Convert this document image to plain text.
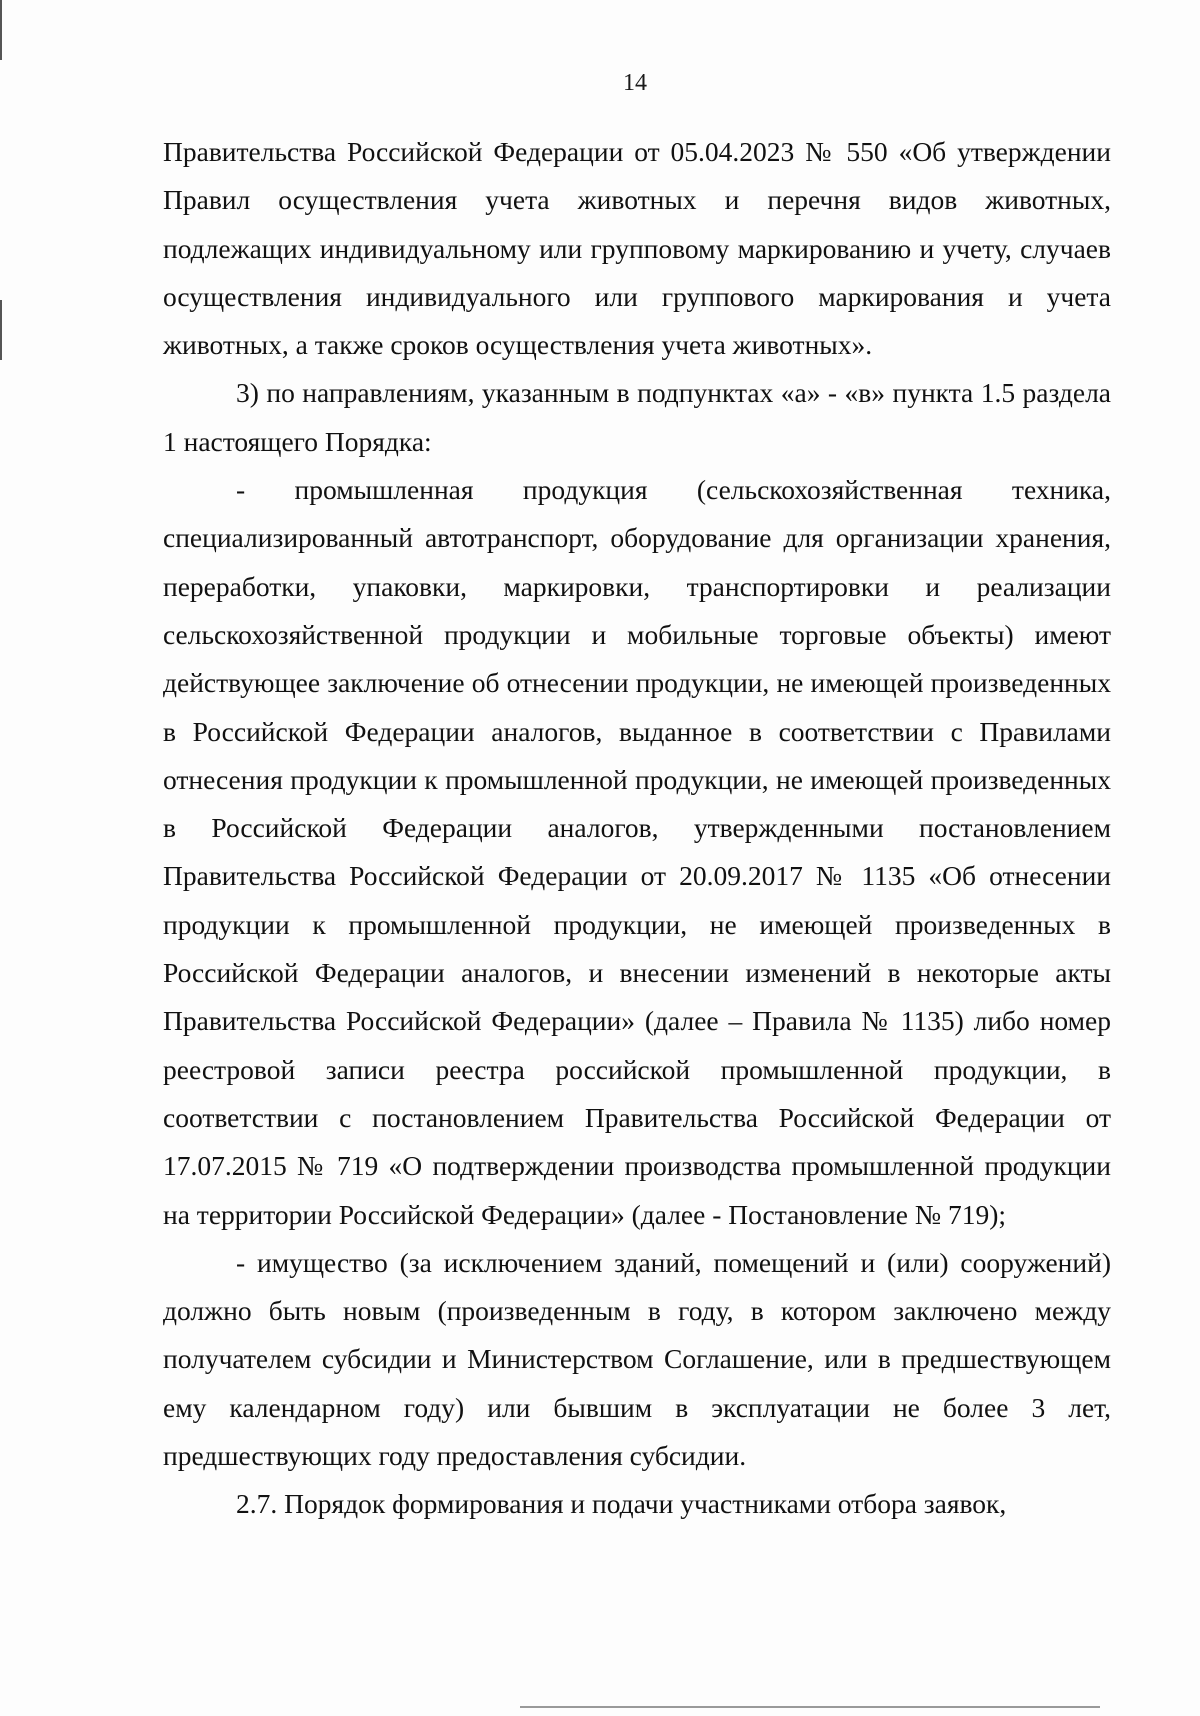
14

Правительства Российской Федерации от 05.04.2023 № 550 «Об утверждении Правил осуществления учета животных и перечня видов животных, подлежащих индивидуальному или групповому маркированию и учету, случаев осуществления индивидуального или группового маркирования и учета животных, а также сроков осуществления учета животных».

3) по направлениям, указанным в подпунктах «а» - «в» пункта 1.5 раздела 1 настоящего Порядка:

- промышленная продукция (сельскохозяйственная техника, специализированный автотранспорт, оборудование для организации хранения, переработки, упаковки, маркировки, транспортировки и реализации сельскохозяйственной продукции и мобильные торговые объекты) имеют действующее заключение об отнесении продукции, не имеющей произведенных в Российской Федерации аналогов, выданное в соответствии с Правилами отнесения продукции к промышленной продукции, не имеющей произведенных в Российской Федерации аналогов, утвержденными постановлением Правительства Российской Федерации от 20.09.2017 № 1135 «Об отнесении продукции к промышленной продукции, не имеющей произведенных в Российской Федерации аналогов, и внесении изменений в некоторые акты Правительства Российской Федерации» (далее – Правила № 1135) либо номер реестровой записи реестра российской промышленной продукции, в соответствии с постановлением Правительства Российской Федерации от 17.07.2015 № 719 «О подтверждении производства промышленной продукции на территории Российской Федерации» (далее - Постановление № 719);

- имущество (за исключением зданий, помещений и (или) сооружений) должно быть новым (произведенным в году, в котором заключено между получателем субсидии и Министерством Соглашение, или в предшествующем ему календарном году) или бывшим в эксплуатации не более 3 лет, предшествующих году предоставления субсидии.

2.7. Порядок формирования и подачи участниками отбора заявок,
